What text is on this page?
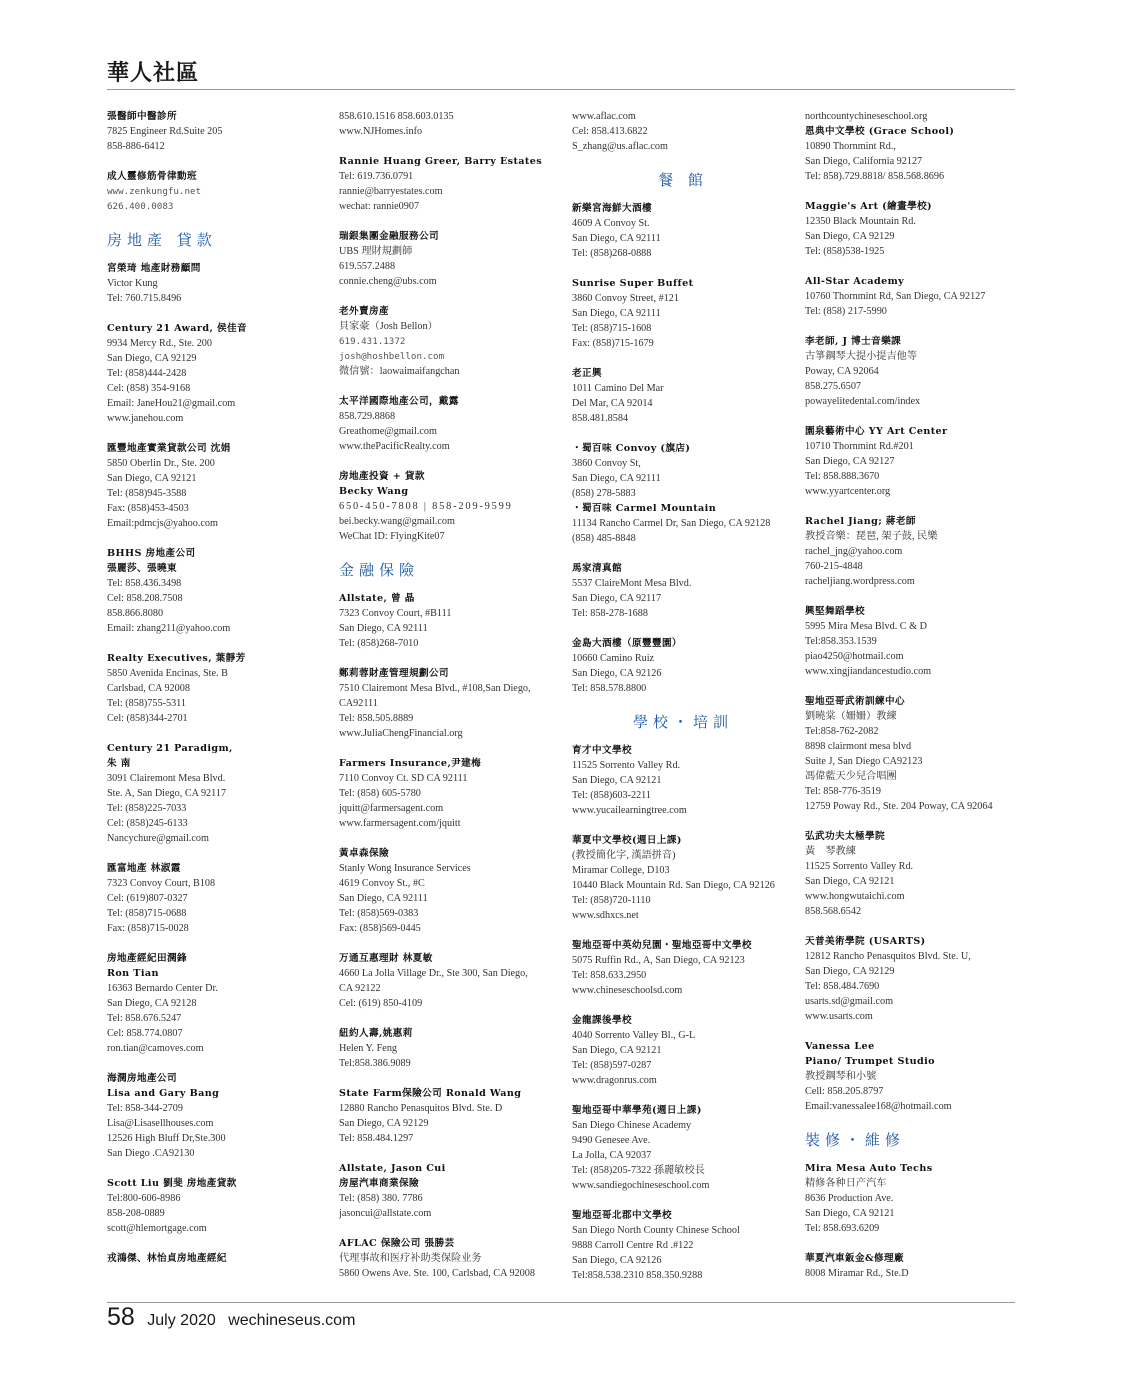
華人社區
張醫師中醫診所
7825 Engineer Rd.Suite 205
858-886-6412
成人靈修筋骨律動班
www.zenkungfu.net
626.400.0083
房地產 貸款
宮榮琦 地產財務顧問
Victor Kung
Tel: 760.715.8496
Century 21 Award, 侯佳音
9934 Mercy Rd., Ste. 200
San Diego, CA 92129
Tel: (858)444-2428
Cel: (858) 354-9168
Email: JaneHou21@gmail.com
www.janehou.com
匯豐地產實業貸款公司 沈娟
5850 Oberlin Dr., Ste. 200
San Diego, CA 92121
Tel: (858)945-3588
Fax: (858)453-4503
Email:pdmcjs@yahoo.com
BHHS 房地產公司
張麗莎、張曉東
Tel: 858.436.3498
Cel: 858.208.7508
858.866.8080
Email: zhang211@yahoo.com
Realty Executives, 葉靜芳
5850 Avenida Encinas, Ste. B
Carlsbad, CA 92008
Tel: (858)755-5311
Cel: (858)344-2701
Century 21 Paradigm,
朱 南
3091 Clairemont Mesa Blvd.
Ste. A, San Diego, CA 92117
Tel: (858)225-7033
Cel: (858)245-6133
Nancychure@gmail.com
匯富地產 林淑霞
7323 Convoy Court, B108
Cel: (619)807-0327
Tel: (858)715-0688
Fax: (858)715-0028
房地產經紀田潤鋒
Ron Tian
16363 Bernardo Center Dr.
San Diego, CA 92128
Tel: 858.676.5247
Cel: 858.774.0807
ron.tian@camoves.com
海潤房地產公司
Lisa and Gary Bang
Tel: 858-344-2709
Lisa@Lisasellhouses.com
12526 High Bluff Dr,Ste.300
San Diego .CA92130
Scott Liu 劉斐 房地產貸款
Tel:800-606-8986
858-208-0889
scott@hlemortgage.com
戎鴻傑、林怡貞房地產經紀
858.610.1516 858.603.0135
www.NJHomes.info
Rannie Huang Greer, Barry Estates
Tel: 619.736.0791
rannie@barryestates.com
wechat: rannie0907
瑞銀集團金融服務公司
UBS 理財規劃師
619.557.2488
connie.cheng@ubs.com
老外賣房產
貝家豪（Josh Bellon）
619.431.1372
josh@hoshbellon.com
微信號：laowaimaifangchan
太平洋國際地產公司，戴露
858.729.8868
Greathome@gmail.com
www.thePacificRealty.com
房地產投資 + 貸款
Becky Wang
650-450-7808 | 858-209-9599
bei.becky.wang@gmail.com
WeChat ID: FlyingKite07
金融保險
Allstate, 曾 晶
7323 Convoy Court, #B111
San Diego, CA 92111
Tel: (858)268-7010
鄭莉蓉財產管理規劃公司
7510 Clairemont Mesa Blvd., #108,San Diego,
CA92111
Tel: 858.505.8889
www.JuliaChengFinancial.org
Farmers Insurance,尹建梅
7110 Convoy Ct. SD CA 92111
Tel: (858) 605-5780
jquitt@farmersagent.com
www.farmersagent.com/jquitt
黃卓森保險
Stanly Wong Insurance Services
4619 Convoy St., #C
San Diego, CA 92111
Tel: (858)569-0383
Fax: (858)569-0445
万通互惠理財 林夏敏
4660 La Jolla Village Dr., Ste 300, San Diego,
CA 92122
Cel: (619) 850-4109
紐約人壽,姚惠莉
Helen Y. Feng
Tel:858.386.9089
State Farm保險公司 Ronald Wang
12880 Rancho Penasquitos Blvd. Ste. D
San Diego, CA 92129
Tel: 858.484.1297
Allstate, Jason Cui
房屋汽車商業保險
Tel: (858) 380. 7786
jasoncui@allstate.com
AFLAC 保險公司 張勝芸
代理事故和医疗补助类保险业务
5860 Owens Ave. Ste. 100, Carlsbad, CA 92008
www.aflac.com
Cel: 858.413.6822
S_zhang@us.aflac.com
餐 館
新樂宮海鮮大酒樓
4609 A Convoy St.
San Diego, CA 92111
Tel: (858)268-0888
Sunrise Super Buffet
3860 Convoy Street, #121
San Diego, CA 92111
Tel: (858)715-1608
Fax: (858)715-1679
老正興
1011 Camino Del Mar
Del Mar, CA 92014
858.481.8584
・蜀百味 Convoy (旗店)
3860 Convoy St,
San Diego, CA 92111
(858) 278-5883
・蜀百味 Carmel Mountain
11134 Rancho Carmel Dr, San Diego, CA 92128
(858) 485-8848
馬家清真館
5537 ClaireMont Mesa Blvd.
San Diego, CA 92117
Tel: 858-278-1688
金島大酒樓（原豐豐園）
10660 Camino Ruiz
San Diego, CA 92126
Tel: 858.578.8800
學校・培訓
育才中文學校
11525 Sorrento Valley Rd.
San Diego, CA 92121
Tel: (858)603-2211
www.yucailearningtree.com
華夏中文學校(週日上課)
(教授簡化字, 漢語拼音)
Miramar College, D103
10440 Black Mountain Rd. San Diego, CA 92126
Tel: (858)720-1110
www.sdhxcs.net
聖地亞哥中英幼兒園・聖地亞哥中文學校
5075 Ruffin Rd., A, San Diego, CA 92123
Tel: 858.633.2950
www.chineseschoolsd.com
金龍課後學校
4040 Sorrento Valley Bl., G-L
San Diego, CA 92121
Tel: (858)597-0287
www.dragonrus.com
聖地亞哥中華學苑(週日上課)
San Diego Chinese Academy
9490 Genesee Ave.
La Jolla, CA 92037
Tel: (858)205-7322 孫麗敏校長
www.sandiegochineseschool.com
聖地亞哥北郡中文學校
San Diego North County Chinese School
9888 Carroll Centre Rd .#122
San Diego, CA 92126
Tel:858.538.2310 858.350.9288
northcountychineseschool.org
恩典中文學校 (Grace School)
10890 Thornmint Rd.,
San Diego, California 92127
Tel: 858).729.8818/ 858.568.8696
Maggie's Art (繪畫學校)
12350 Black Mountain Rd.
San Diego, CA 92129
Tel: (858)538-1925
All-Star Academy
10760 Thornmint Rd, San Diego, CA 92127
Tel: (858) 217-5990
李老師, J 博士音樂課
古箏鋼琴大提小提吉他等
Poway, CA 92064
858.275.6507
powayelitedental.com/index
園泉藝術中心 YY Art Center
10710 Thornmint Rd.#201
San Diego, CA 92127
Tel: 858.888.3670
www.yyartcenter.org
Rachel Jiang; 蔣老師
教授音樂：琵琶, 架子鼓, 民樂
rachel_jng@yahoo.com
760-215-4848
racheljiang.wordpress.com
興堅舞蹈學校
5995 Mira Mesa Blvd. C & D
Tel:858.353.1539
piao4250@hotmail.com
www.xingjiandancestudio.com
聖地亞哥武術訓練中心
劉曉棠（姍姍）教練
Tel:858-762-2082
8898 clairmont mesa blvd
Suite J, San Diego CA92123
馮偉藍天少兒合唱團
Tel: 858-776-3519
12759 Poway Rd., Ste. 204 Poway, CA 92064
弘武功夫太極學院
黃　琴教練
11525 Sorrento Valley Rd.
San Diego, CA 92121
www.hongwutaichi.com
858.568.6542
天普美術學院 (USARTS)
12812 Rancho Penasquitos Blvd. Ste. U,
San Diego, CA 92129
Tel: 858.484.7690
usarts.sd@gmail.com
www.usarts.com
Vanessa Lee
Piano/ Trumpet Studio
教授鋼琴和小號
Cell: 858.205.8797
Email:vanessalee168@hotmail.com
裝修・維修
Mira Mesa Auto Techs
精修各种日产汽车
8636 Production Ave.
San Diego, CA 92121
Tel: 858.693.6209
華夏汽車鈑金&修理廠
8008 Miramar Rd., Ste.D
58 July 2020 wechineseus.com
